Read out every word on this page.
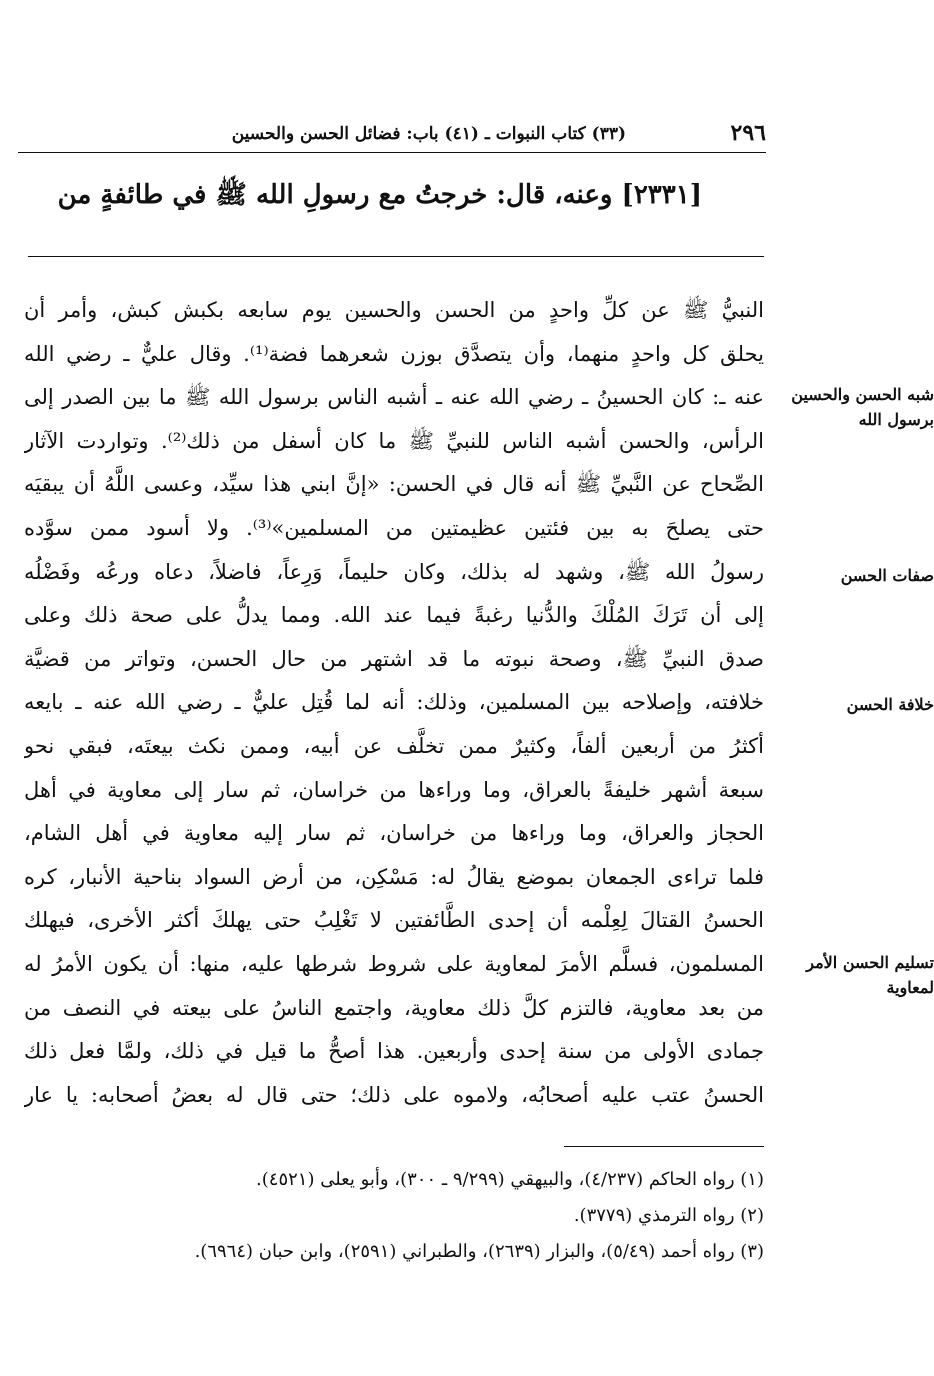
٢٩٦
(٣٣) كتاب النبوات ـ (٤١) باب: فضائل الحسن والحسين
[٢٣٣١] وعنه، قال: خرجتُ مع رسولِ الله ﷺ في طائفةٍ من
النبيُّ ﷺ عن كلِّ واحدٍ من الحسن والحسين يوم سابعه بكبش كبش، وأمر أن
يحلق كل واحدٍ منهما، وأن يتصدَّق بوزن شعرهما فضة⁽¹⁾. وقال عليٌّ ـ رضي الله
عنه ـ: كان الحسينُ ـ رضي الله عنه ـ أشبه الناس برسول الله ﷺ ما بين الصدر إلى
الرأس، والحسن أشبه الناس للنبيِّ ﷺ ما كان أسفل من ذلك⁽²⁾. وتواردت الآثار
الصِّحاح عن النَّبيِّ ﷺ أنه قال في الحسن: «إنَّ ابني هذا سيِّد، وعسى اللَّهُ أن يبقيَه
حتى يصلحَ به بين فئتين عظيمتين من المسلمين»⁽³⁾. ولا أسود ممن سوَّده
رسولُ الله ﷺ، وشهد له بذلك، وكان حليماً، وَرِعاً، فاضلاً، دعاه ورعُه وفَضْلُه
إلى أن تَرَكَ المُلْكَ والدُّنيا رغبةً فيما عند الله. ومما يدلُّ على صحة ذلك وعلى
صدق النبيِّ ﷺ، وصحة نبوته ما قد اشتهر من حال الحسن، وتواتر من قضيَّة
خلافته، وإصلاحه بين المسلمين، وذلك: أنه لما قُتِل عليٌّ ـ رضي الله عنه ـ بايعه
أكثرُ من أربعين ألفاً، وكثيرٌ ممن تخلَّف عن أبيه، وممن نكث بيعتَه، فبقي نحو
سبعة أشهر خليفةً بالعراق، وما وراءها من خراسان، ثم سار إلى معاوية في أهل
الحجاز والعراق، وما وراءها من خراسان، ثم سار إليه معاوية في أهل الشام،
فلما تراءى الجمعان بموضع يقالُ له: مَسْكِن، من أرض السواد بناحية الأنبار، كره
الحسنُ القتالَ لِعِلْمه أن إحدى الطَّائفتين لا تَغْلِبُ حتى يهلكَ أكثر الأخرى، فيهلك
المسلمون، فسلَّم الأمرَ لمعاوية على شروط شرطها عليه، منها: أن يكون الأمرُ له
من بعد معاوية، فالتزم كلَّ ذلك معاوية، واجتمع الناسُ على بيعته في النصف من
جمادى الأولى من سنة إحدى وأربعين. هذا أصحُّ ما قيل في ذلك، ولمَّا فعل ذلك
الحسنُ عتب عليه أصحابُه، ولاموه على ذلك؛ حتى قال له بعضُ أصحابه: يا عار
شبه الحسن والحسين برسول الله
صفات الحسن
خلافة الحسن
تسليم الحسن الأمر لمعاوية
(١) رواه الحاكم (٤/٢٣٧)، والبيهقي (٩/٢٩٩ ـ ٣٠٠)، وأبو يعلى (٤٥٢١).
(٢) رواه الترمذي (٣٧٧٩).
(٣) رواه أحمد (٥/٤٩)، والبزار (٢٦٣٩)، والطبراني (٢٥٩١)، وابن حبان (٦٩٦٤).
